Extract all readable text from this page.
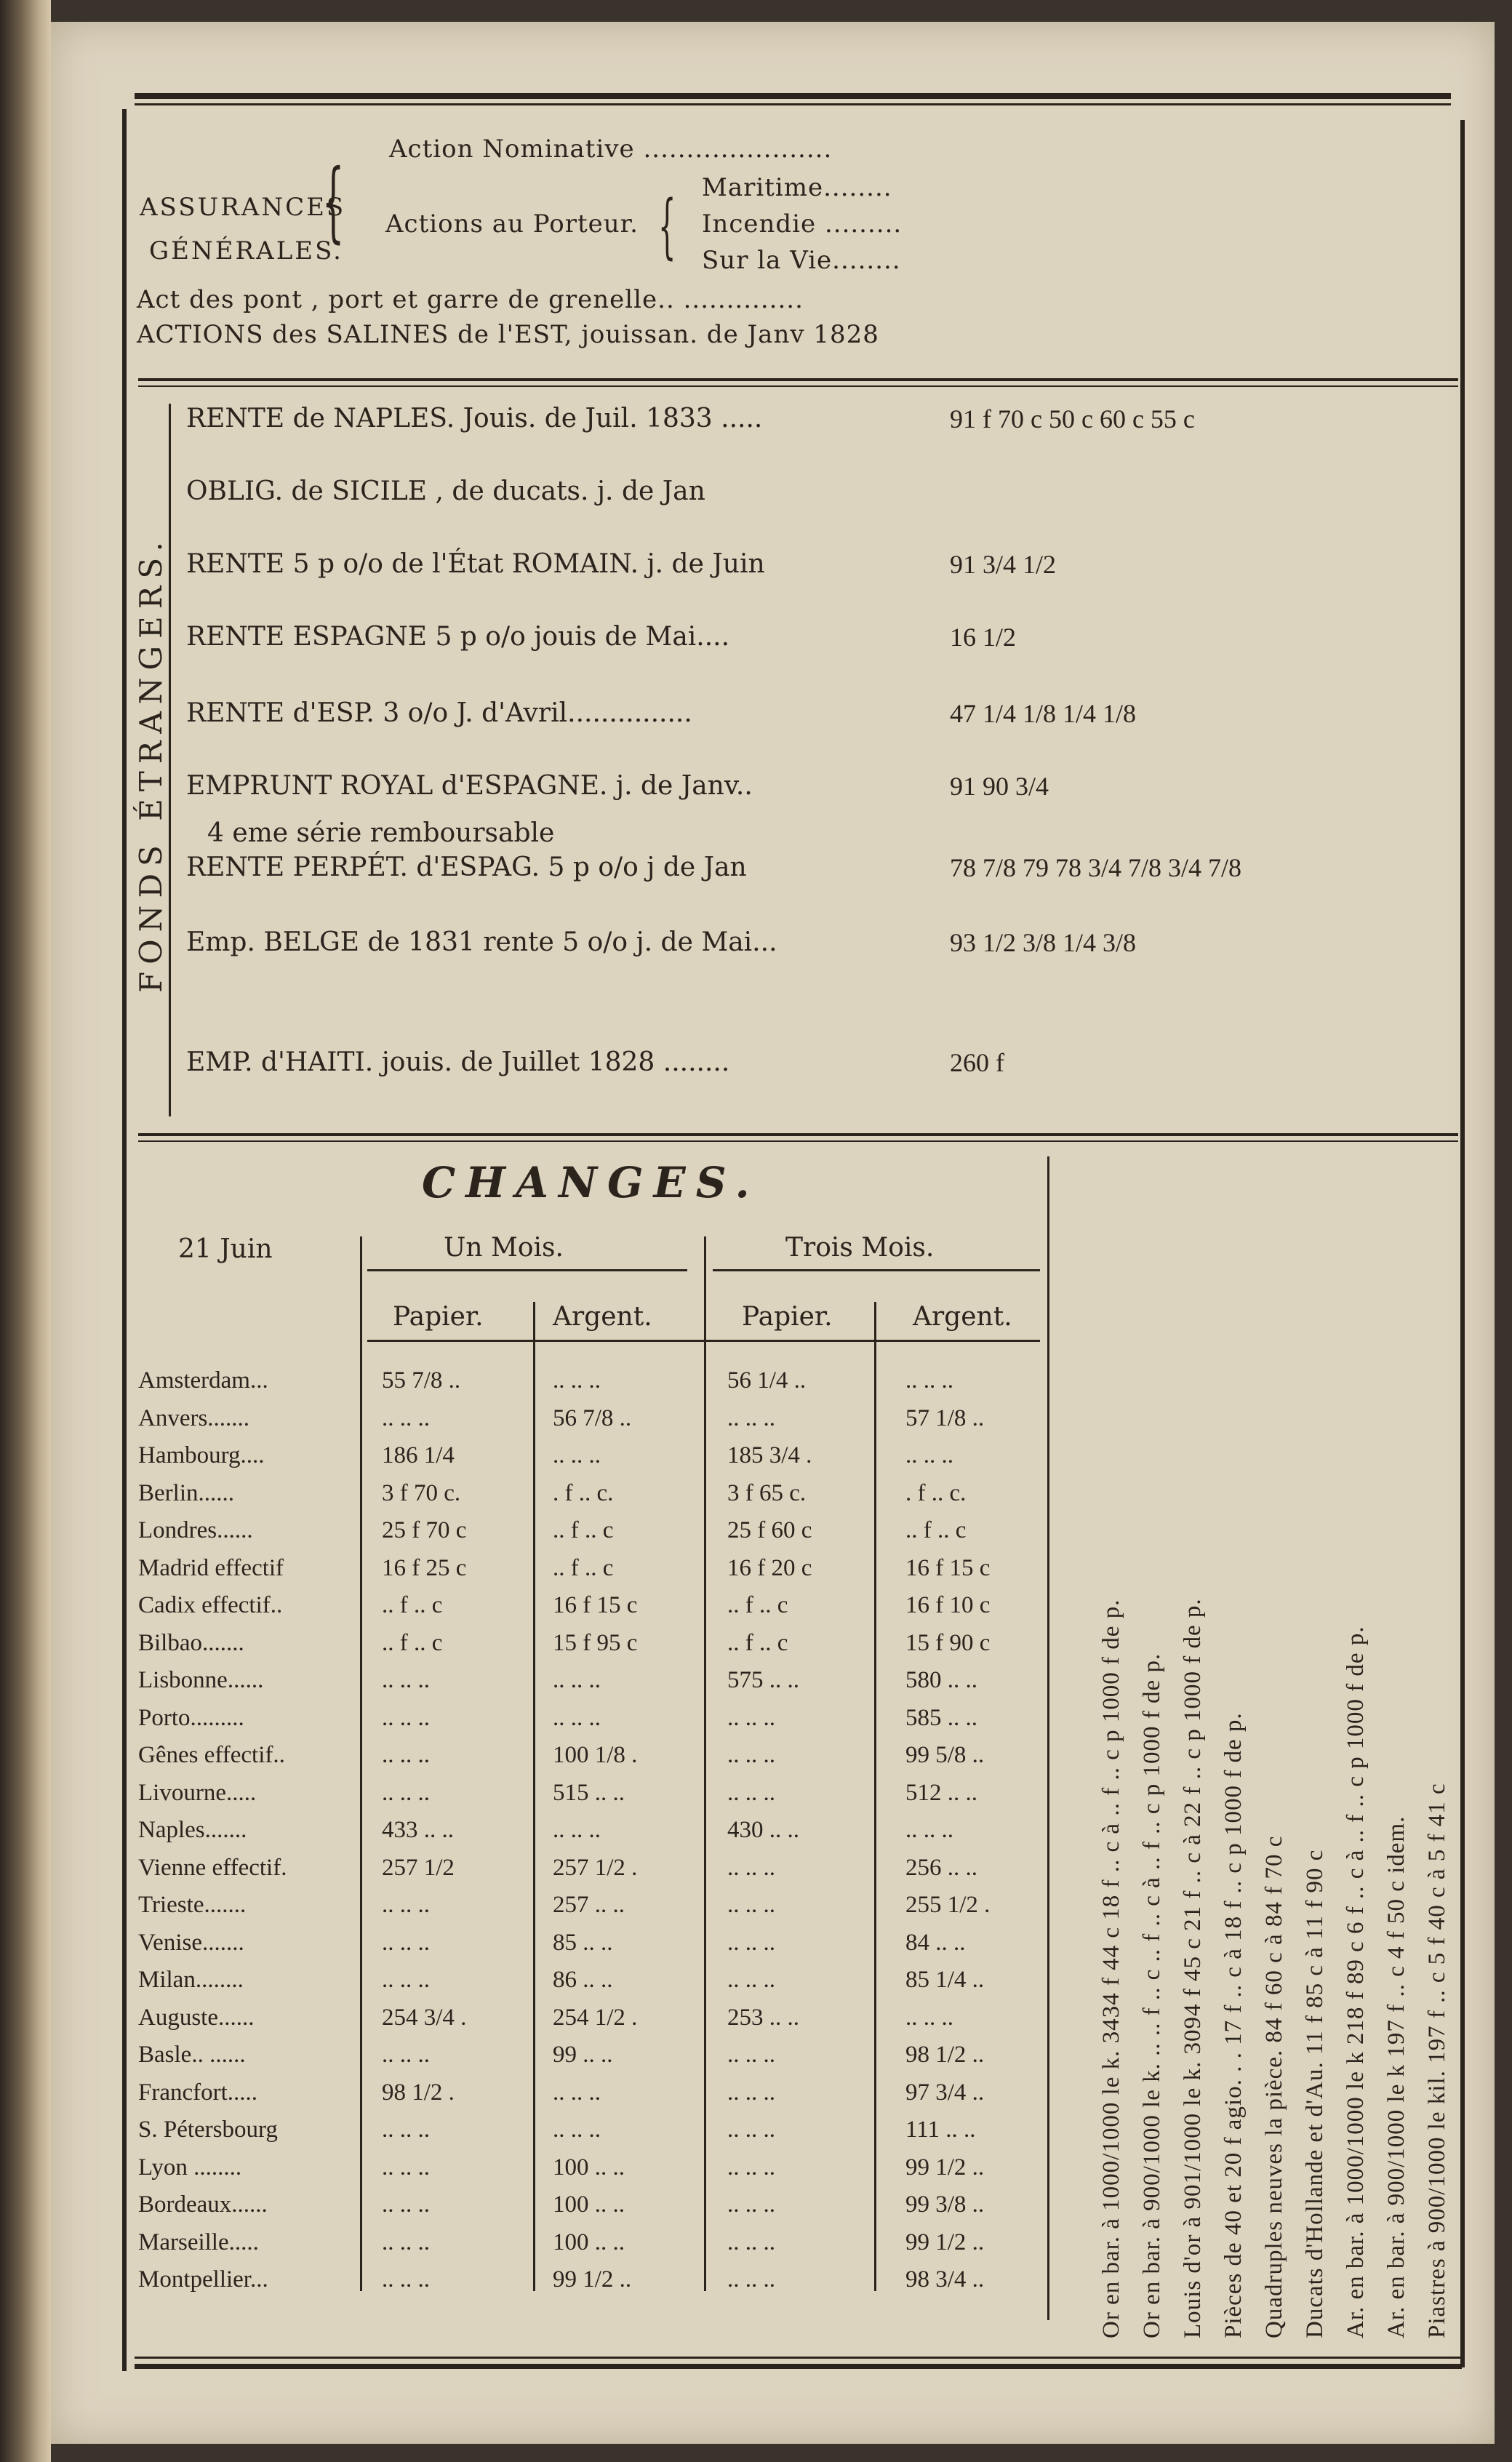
Action Nominative ......................
ASSURANCES
GÉNÉRALES.
{ Actions au Porteur. { Maritime........
Incendie .........
Sur la Vie........
Act des pont , port et garre de grenelle.. ..............
ACTIONS des SALINES de l'EST, jouissan. de Janv 1828
FONDS ÉTRANGERS.
RENTE de NAPLES. Jouis. de Juil. 1833 .....	91 f 70 c 50 c 60 c 55 c
OBLIG. de SICILE , de ducats. j. de Jan
RENTE 5 p o/o de l'État ROMAIN. j. de Juin	91 3/4 1/2
RENTE ESPAGNE 5 p o/o jouis de Mai....	16 1/2
RENTE d'ESP. 3 o/o J. d'Avril...............	47 1/4 1/8 1/4 1/8
EMPRUNT ROYAL d'ESPAGNE. j. de Janv..	91 90 3/4
4 eme série remboursable
RENTE PERPÉT. d'ESPAG. 5 p o/o j de Jan	78 7/8 79 78 3/4 7/8 3/4 7/8
Emp. BELGE de 1831 rente 5 o/o j. de Mai...	93 1/2 3/8 1/4 3/8
EMP. d'HAITI. jouis. de Juillet 1828 ........	260 f
CHANGES.
21 Juin	Un Mois.	Trois Mois.
Papier.	Argent.	Papier.	Argent.
Amsterdam...	55 7/8 ..	.. .. ..	56 1/4 ..	.. .. ..
Anvers.......	.. .. ..	56 7/8 ..	.. .. ..	57 1/8 ..
Hambourg....	186 1/4	.. .. ..	185 3/4 .	.. .. ..
Berlin......	3 f 70 c.	. f .. c.	3 f 65 c.	. f .. c.
Londres......	25 f 70 c	.. f .. c	25 f 60 c	.. f .. c
Madrid effectif	16 f 25 c	.. f .. c	16 f 20 c	16 f 15 c
Cadix effectif..	.. f .. c	16 f 15 c	.. f .. c	16 f 10 c
Bilbao.......	.. f .. c	15 f 95 c	.. f .. c	15 f 90 c
Lisbonne......	.. .. ..	.. .. ..	575 .. ..	580 .. ..
Porto.........	.. .. ..	.. .. ..	.. .. ..	585 .. ..
Gênes effectif..	.. .. ..	100 1/8 .	.. .. ..	99 5/8 ..
Livourne.....	.. .. ..	515 .. ..	.. .. ..	512 .. ..
Naples.......	433 .. ..	.. .. ..	430 .. ..	.. .. ..
Vienne effectif.	257 1/2	257 1/2 .	.. .. ..	256 .. ..
Trieste.......	.. .. ..	257 .. ..	.. .. ..	255 1/2 .
Venise.......	.. .. ..	85 .. ..	.. .. ..	84 .. ..
Milan........	.. .. ..	86 .. ..	.. .. ..	85 1/4 ..
Auguste......	254 3/4 .	254 1/2 .	253 .. ..	.. .. ..
Basle.. ......	.. .. ..	99 .. ..	.. .. ..	98 1/2 ..
Francfort.....	98 1/2 .	.. .. ..	.. .. ..	97 3/4 ..
S. Pétersbourg	.. .. ..	.. .. ..	.. .. ..	111 .. ..
Lyon ........	.. .. ..	100 .. ..	.. .. ..	99 1/2 ..
Bordeaux......	.. .. ..	100 .. ..	.. .. ..	99 3/8 ..
Marseille.....	.. .. ..	100 .. ..	.. .. ..	99 1/2 ..
Montpellier...	.. .. ..	99 1/2 ..	.. .. ..	98 3/4 ..	Or en bar. à 1000/1000 le k. 3434 f 44 c 18 f .. c à .. f .. c p 1000 f de p. Or en bar. à 900/1000 le k. .. .. f .. c .. f .. c à .. f .. c p 1000 f de p. Louis d'or à 901/1000 le k. 3094 f 45 c 21 f .. c à 22 f .. c p 1000 f de p. Pièces de 40 et 20 f agio. . . 17 f .. c à 18 f .. c p 1000 f de p. Quadruples neuves la pièce. 84 f 60 c à 84 f 70 c Ducats d'Hollande et d'Au. 11 f 85 c à 11 f 90 c Ar. en bar. à 1000/1000 le k 218 f 89 c 6 f .. c à .. f .. c p 1000 f de p. Ar. en bar. à 900/1000 le k 197 f .. c 4 f 50 c idem. Piastres à 900/1000 le kil. 197 f .. c 5 f 40 c à 5 f 41 c
